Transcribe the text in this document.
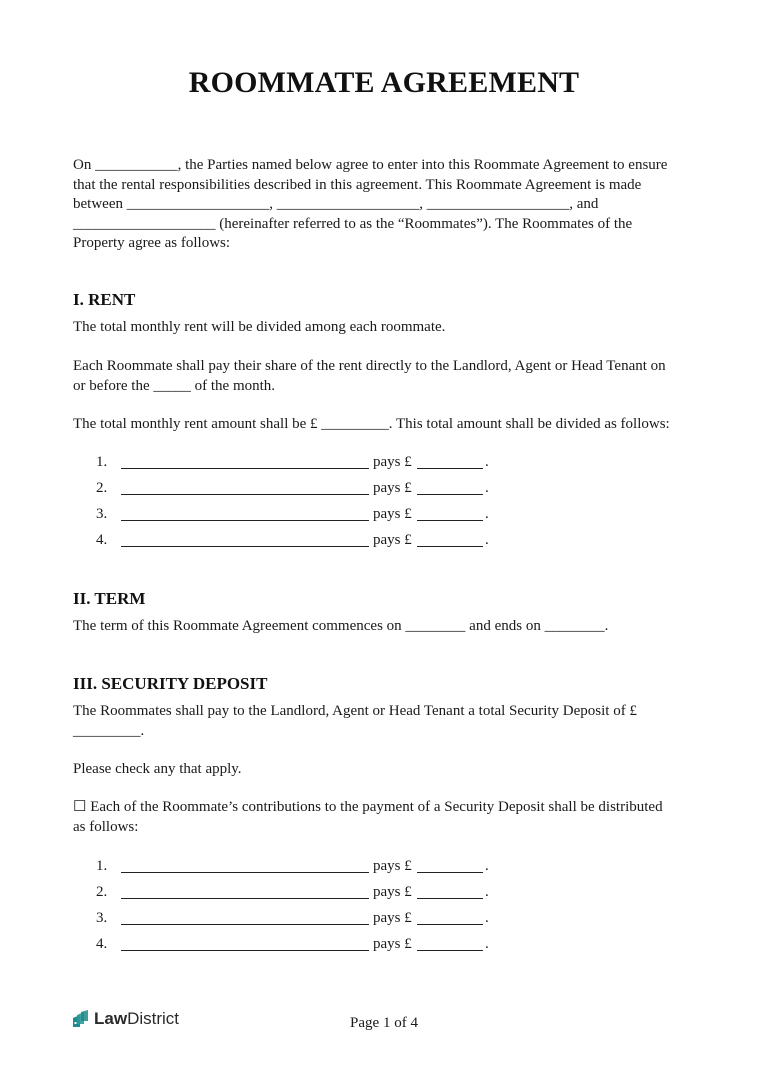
ROOMMATE AGREEMENT
On ___________, the Parties named below agree to enter into this Roommate Agreement to ensure
that the rental responsibilities described in this agreement. This Roommate Agreement is made
between ___________________, ___________________, ___________________, and
___________________ (hereinafter referred to as the “Roommates”). The Roommates of the
Property agree as follows:
I. RENT
The total monthly rent will be divided among each roommate.
Each Roommate shall pay their share of the rent directly to the Landlord, Agent or Head Tenant on
or before the _____ of the month.
The total monthly rent amount shall be £ _________. This total amount shall be divided as follows:
1.	pays £	.
2.	pays £	.
3.	pays £	.
4.	pays £	.
II. TERM
The term of this Roommate Agreement commences on ________ and ends on ________.
III. SECURITY DEPOSIT
The Roommates shall pay to the Landlord, Agent or Head Tenant a total Security Deposit of £
_________.
Please check any that apply.
☐ Each of the Roommate’s contributions to the payment of a Security Deposit shall be distributed
as follows:
1.	pays £	.
2.	pays £	.
3.	pays £	.
4.	pays £	.
LawDistrict	Page 1 of 4
